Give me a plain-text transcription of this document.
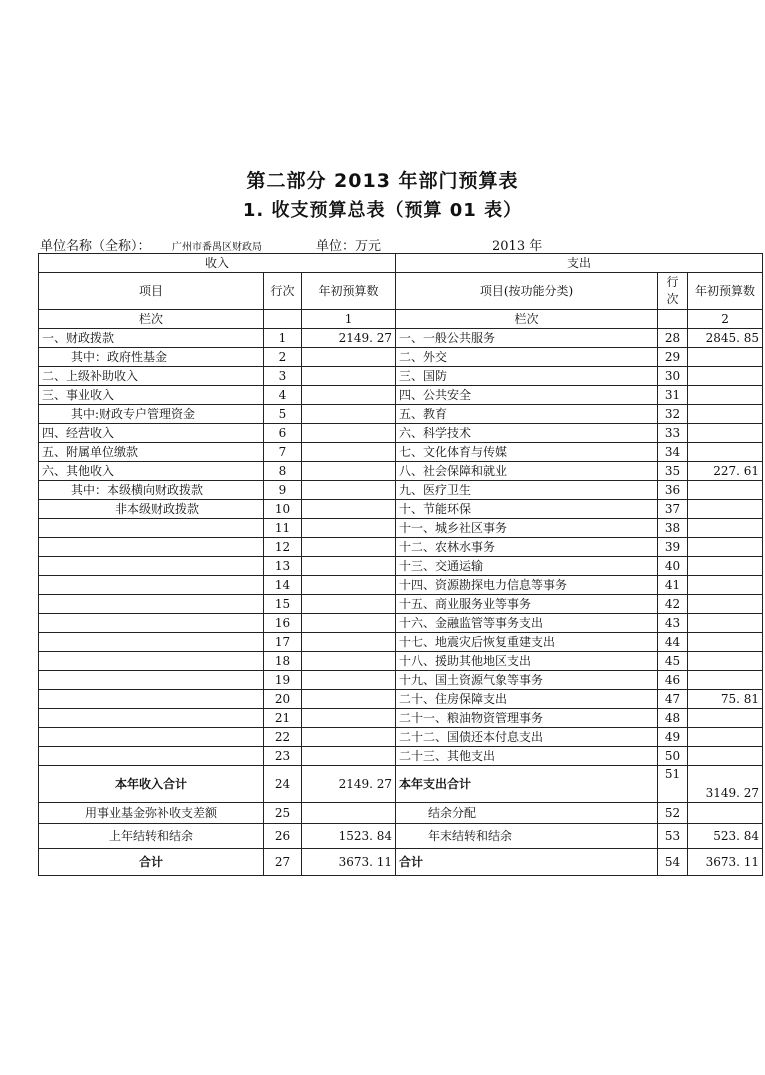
第二部分 2013 年部门预算表
1. 收支预算总表（预算 01 表）
单位名称（全称）： 广州市番禺区财政局	单位：万元	2013 年
收入			支出		
项目	行次	年初预算数	项目(按功能分类)	行次	年初预算数
栏次		1	栏次		2
一、财政拨款	1	2149. 27	一、一般公共服务	28	2845. 85
其中：政府性基金	2		二、外交	29	
二、上级补助收入	3		三、国防	30	
三、事业收入	4		四、公共安全	31	
其中:财政专户管理资金	5		五、教育	32	
四、经营收入	6		六、科学技术	33	
五、附属单位缴款	7		七、文化体育与传媒	34	
六、其他收入	8		八、社会保障和就业	35	227. 61
其中：本级横向财政拨款	9		九、医疗卫生	36	
非本级财政拨款	10		十、节能环保	37	
	11		十一、城乡社区事务	38	
	12		十二、农林水事务	39	
	13		十三、交通运输	40	
	14		十四、资源勘探电力信息等事务	41	
	15		十五、商业服务业等事务	42	
	16		十六、金融监管等事务支出	43	
	17		十七、地震灾后恢复重建支出	44	
	18		十八、援助其他地区支出	45	
	19		十九、国土资源气象等事务	46	
	20		二十、住房保障支出	47	75. 81
	21		二十一、粮油物资管理事务	48	
	22		二十二、国债还本付息支出	49	
	23		二十三、其他支出	50	
本年收入合计	24	2149. 27	本年支出合计	51	3149. 27
用事业基金弥补收支差额	25		结余分配	52	
上年结转和结余	26	1523. 84	年末结转和结余	53	523. 84
合计	27	3673. 11	合计	54	3673. 11
